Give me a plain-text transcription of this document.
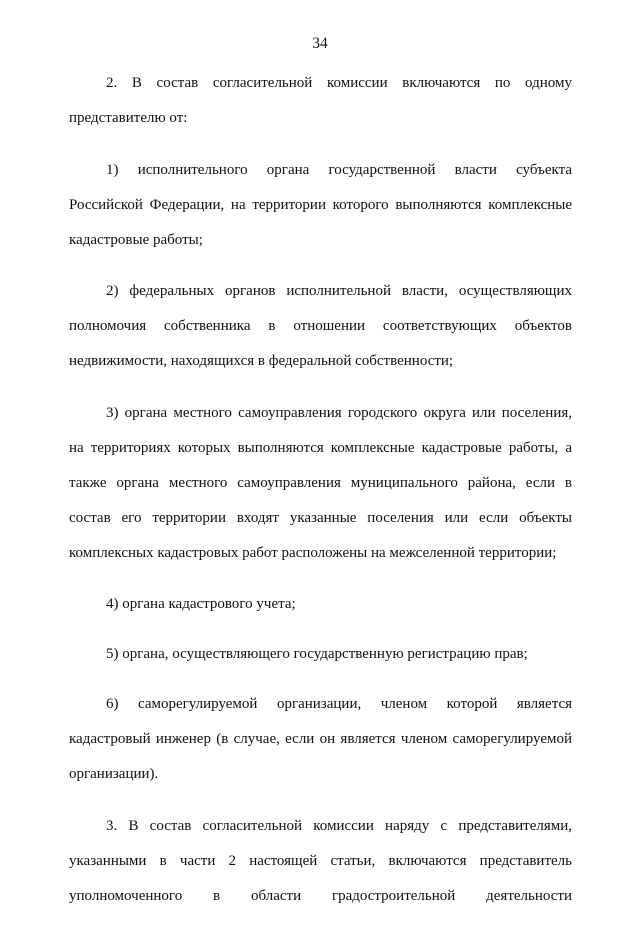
34

2. В состав согласительной комиссии включаются по одному представителю от:

1) исполнительного органа государственной власти субъекта Российской Федерации, на территории которого выполняются комплексные кадастровые работы;

2) федеральных органов исполнительной власти, осуществляющих полномочия собственника в отношении соответствующих объектов недвижимости, находящихся в федеральной собственности;

3) органа местного самоуправления городского округа или поселения, на территориях которых выполняются комплексные кадастровые работы, а также органа местного самоуправления муниципального района, если в состав его территории входят указанные поселения или если объекты комплексных кадастровых работ расположены на межселенной территории;

4) органа кадастрового учета;

5) органа, осуществляющего государственную регистрацию прав;

6) саморегулируемой организации, членом которой является кадастровый инженер (в случае, если он является членом саморегулируемой организации).

3. В состав согласительной комиссии наряду с представителями, указанными в части 2 настоящей статьи, включаются представитель уполномоченного в области градостроительной деятельности
